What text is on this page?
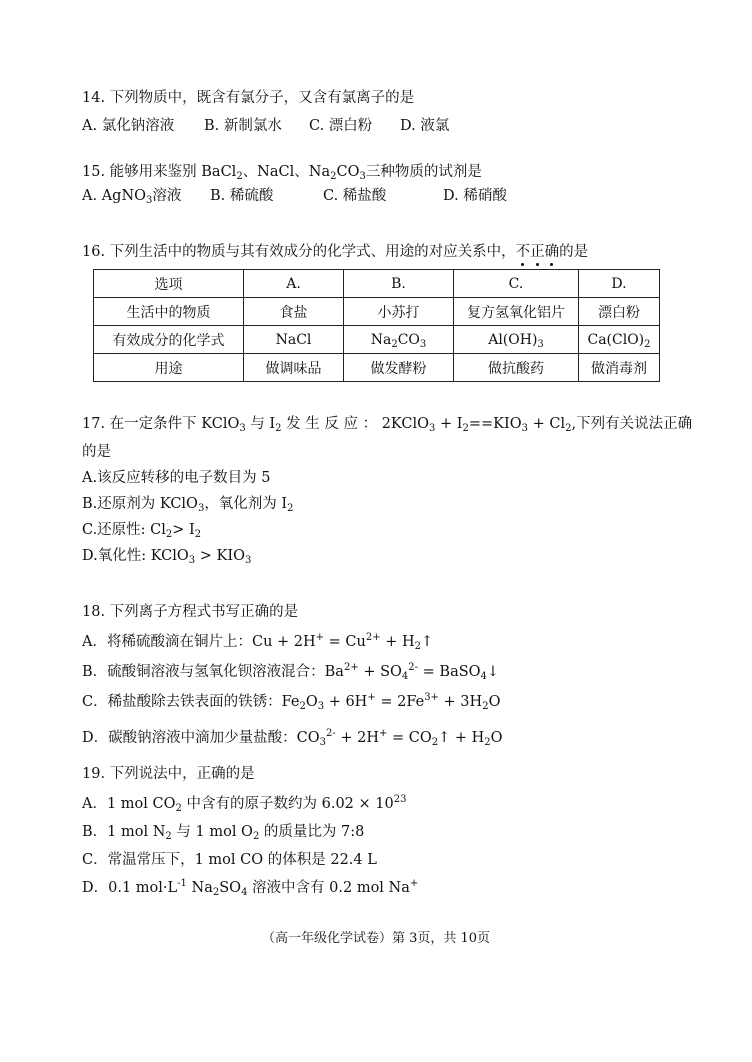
14. 下列物质中，既含有氯分子，又含有氯离子的是
A. 氯化钠溶液 B. 新制氯水 C. 漂白粉 D. 液氯
15. 能够用来鉴别 BaCl$_2$、NaCl、$Na_2CO_3$三种物质的试剂是
A. AgNO$_3$溶液 B. 稀硫酸	C. 稀盐酸	D. 稀硝酸
16. 下列生活中的物质与其有效成分的化学式、用途的对应关系中，不正确的是
选项	A.	B.	C.	D.
生活中的物质	食盐	小苏打	复方氢氧化铝片	漂白粉
有效成分的化学式	NaCl	$Na_2CO_3$	$Al(OH)_3$	$Ca(ClO)_2$
用途	做调味品	做发酵粉	做抗酸药	做消毒剂
17. 在一定条件下 KClO$_3$ 与 $I_2$ 发 生 反 应 ： 2KClO$_3$ + $I_2==KIO_3 + Cl_2$,下列有关说法正确
的是
A.该反应转移的电子数目为 5
B.还原剂为 KClO$_3$，氧化剂为 $I_2$
C.还原性: $Cl_2> I_2$
D.氧化性: KClO$_3$ > $KIO_3$
18. 下列离子方程式书写正确的是
A．将稀硫酸滴在铜片上：$Cu + 2H^+ = Cu^{2+}$ + $H_2↑$
B．硫酸铜溶液与氢氧化钡溶液混合：$Ba^{2+} + SO_4^{2-}$ = BaSO$_4$↓
C．稀盐酸除去铁表面的铁锈：$Fe_2O_3 + 6H^+ = 2Fe^{3+} + 3H_2O$
D．碳酸钠溶液中滴加少量盐酸：$CO_3^{2-} + 2H^+$ = $CO_2↑ + H_2O$
19. 下列说法中，正确的是
A．1 mol $CO_2$ 中含有的原子数约为 $6.02 \times 10^{23}$
B．1 mol $N_2$ 与 1 mol $O_2$ 的质量比为 7:8
C．常温常压下，1 mol CO 的体积是 22.4 L
D．0.1 $mol\cdot L^{-1}$ $Na_2SO_4$ 溶液中含有 0.2 mol Na+
（高一年级化学试卷）第 3页，共 10页
